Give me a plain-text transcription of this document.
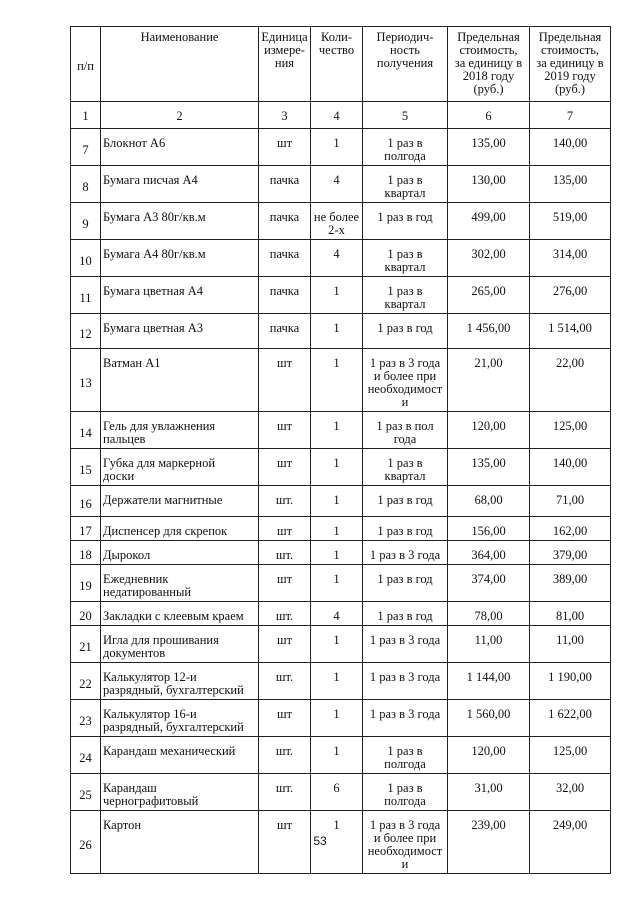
п/п	Наименование	Единица
измере-
ния	Коли-
чество	Периодич-
ность
получения	Предельная
стоимость,
за единицу в
2018 году
(руб.)	Предельная
стоимость,
за единицу в
2019 году
(руб.)
1	2	3	4	5	6	7
7	Блокнот А6	шт	1	1 раз в
полгода	135,00	140,00
8	Бумага писчая А4	пачка	4	1 раз в
квартал	130,00	135,00
9	Бумага А3 80г/кв.м	пачка	не более
2-х	1 раз в год	499,00	519,00
10	Бумага А4 80г/кв.м	пачка	4	1 раз в
квартал	302,00	314,00
11	Бумага цветная А4	пачка	1	1 раз в
квартал	265,00	276,00
12	Бумага цветная А3	пачка	1	1 раз в год	1 456,00	1 514,00
13	Ватман А1	шт	1	1 раз в 3 года
и более при
необходимост
и	21,00	22,00
14	Гель для увлажнения
пальцев	шт	1	1 раз в пол
года	120,00	125,00
15	Губка для маркерной
доски	шт	1	1 раз в
квартал	135,00	140,00
16	Держатели магнитные	шт.	1	1 раз в год	68,00	71,00
17	Диспенсер для скрепок	шт	1	1 раз в год	156,00	162,00
18	Дырокол	шт.	1	1 раз в 3 года	364,00	379,00
19	Ежедневник
недатированный	шт	1	1 раз в год	374,00	389,00
20	Закладки с клеевым краем	шт.	4	1 раз в год	78,00	81,00
21	Игла для прошивания
документов	шт	1	1 раз в 3 года	11,00	11,00
22	Калькулятор 12-и
разрядный, бухгалтерский	шт.	1	1 раз в 3 года	1 144,00	1 190,00
23	Калькулятор 16-и
разрядный, бухгалтерский	шт	1	1 раз в 3 года	1 560,00	1 622,00
24	Карандаш механический	шт.	1	1 раз в
полгода	120,00	125,00
25	Карандаш
чернографитовый	шт.	6	1 раз в
полгода	31,00	32,00
26	Картон	шт	1	1 раз в 3 года
и более при
необходимост
и	239,00	249,00
53
